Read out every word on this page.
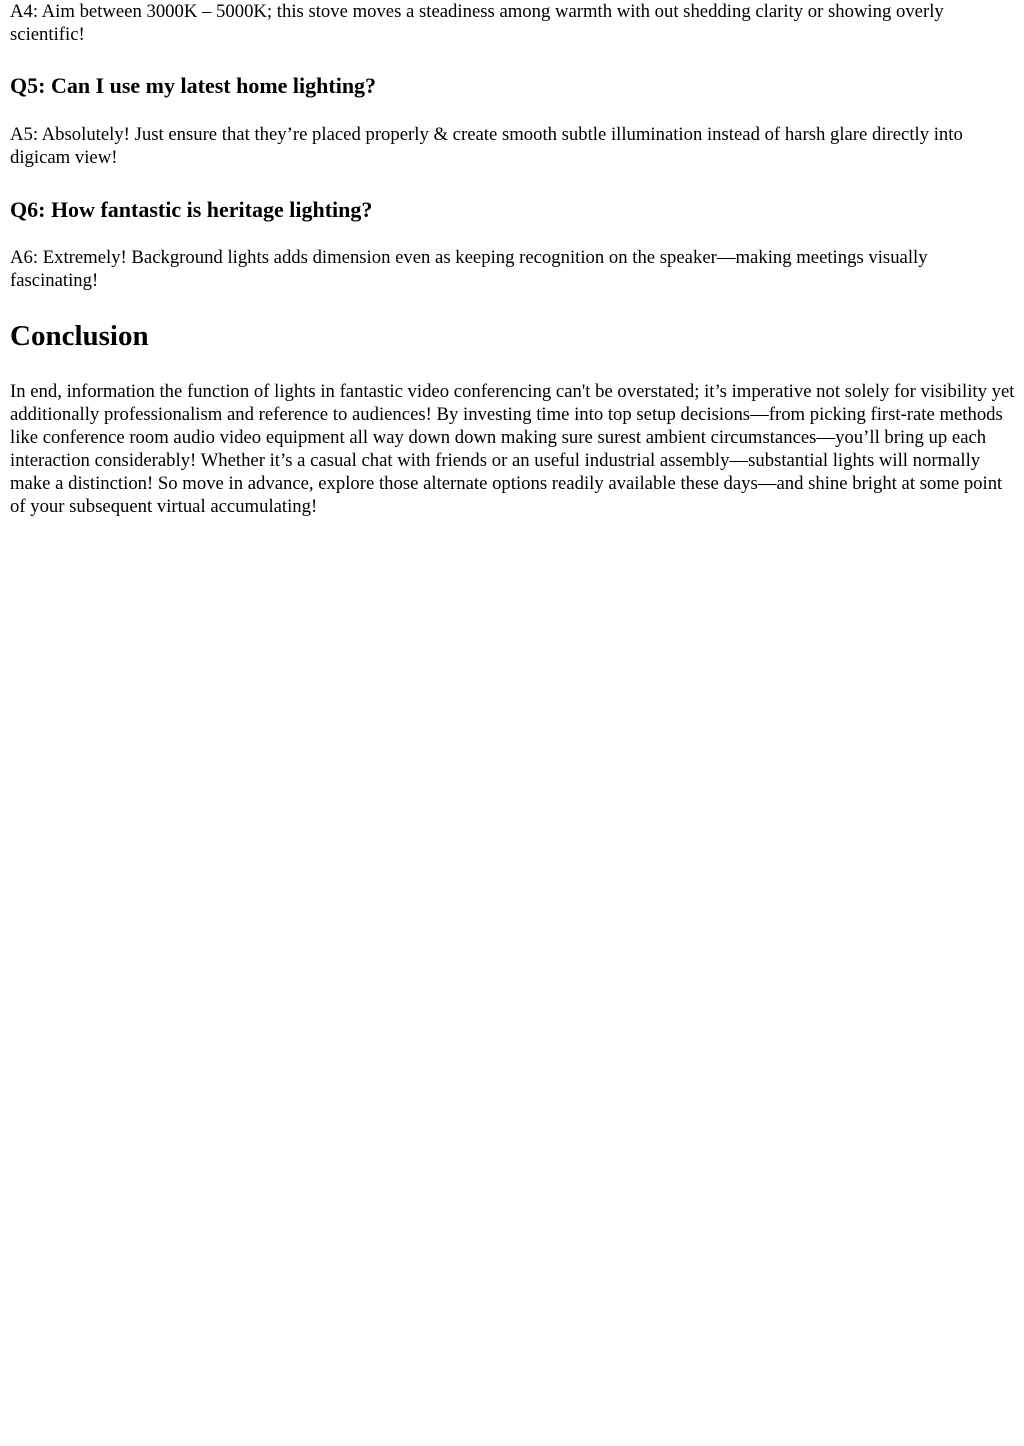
A4: Aim between 3000K – 5000K; this stove moves a steadiness among warmth with out shedding clarity or showing overly scientific!

Q5: Can I use my latest home lighting?

A5: Absolutely! Just ensure that they’re placed properly & create smooth subtle illumination instead of harsh glare directly into digicam view!

Q6: How fantastic is heritage lighting?

A6: Extremely! Background lights adds dimension even as keeping recognition on the speaker—making meetings visually fascinating!

Conclusion

In end, information the function of lights in fantastic video conferencing can't be overstated; it’s imperative not solely for visibility yet additionally professionalism and reference to audiences! By investing time into top setup decisions—from picking first-rate methods like conference room audio video equipment all way down down making sure surest ambient circumstances—you’ll bring up each interaction considerably! Whether it’s a casual chat with friends or an useful industrial assembly—substantial lights will normally make a distinction! So move in advance, explore those alternate options readily available these days—and shine bright at some point of your subsequent virtual accumulating!
